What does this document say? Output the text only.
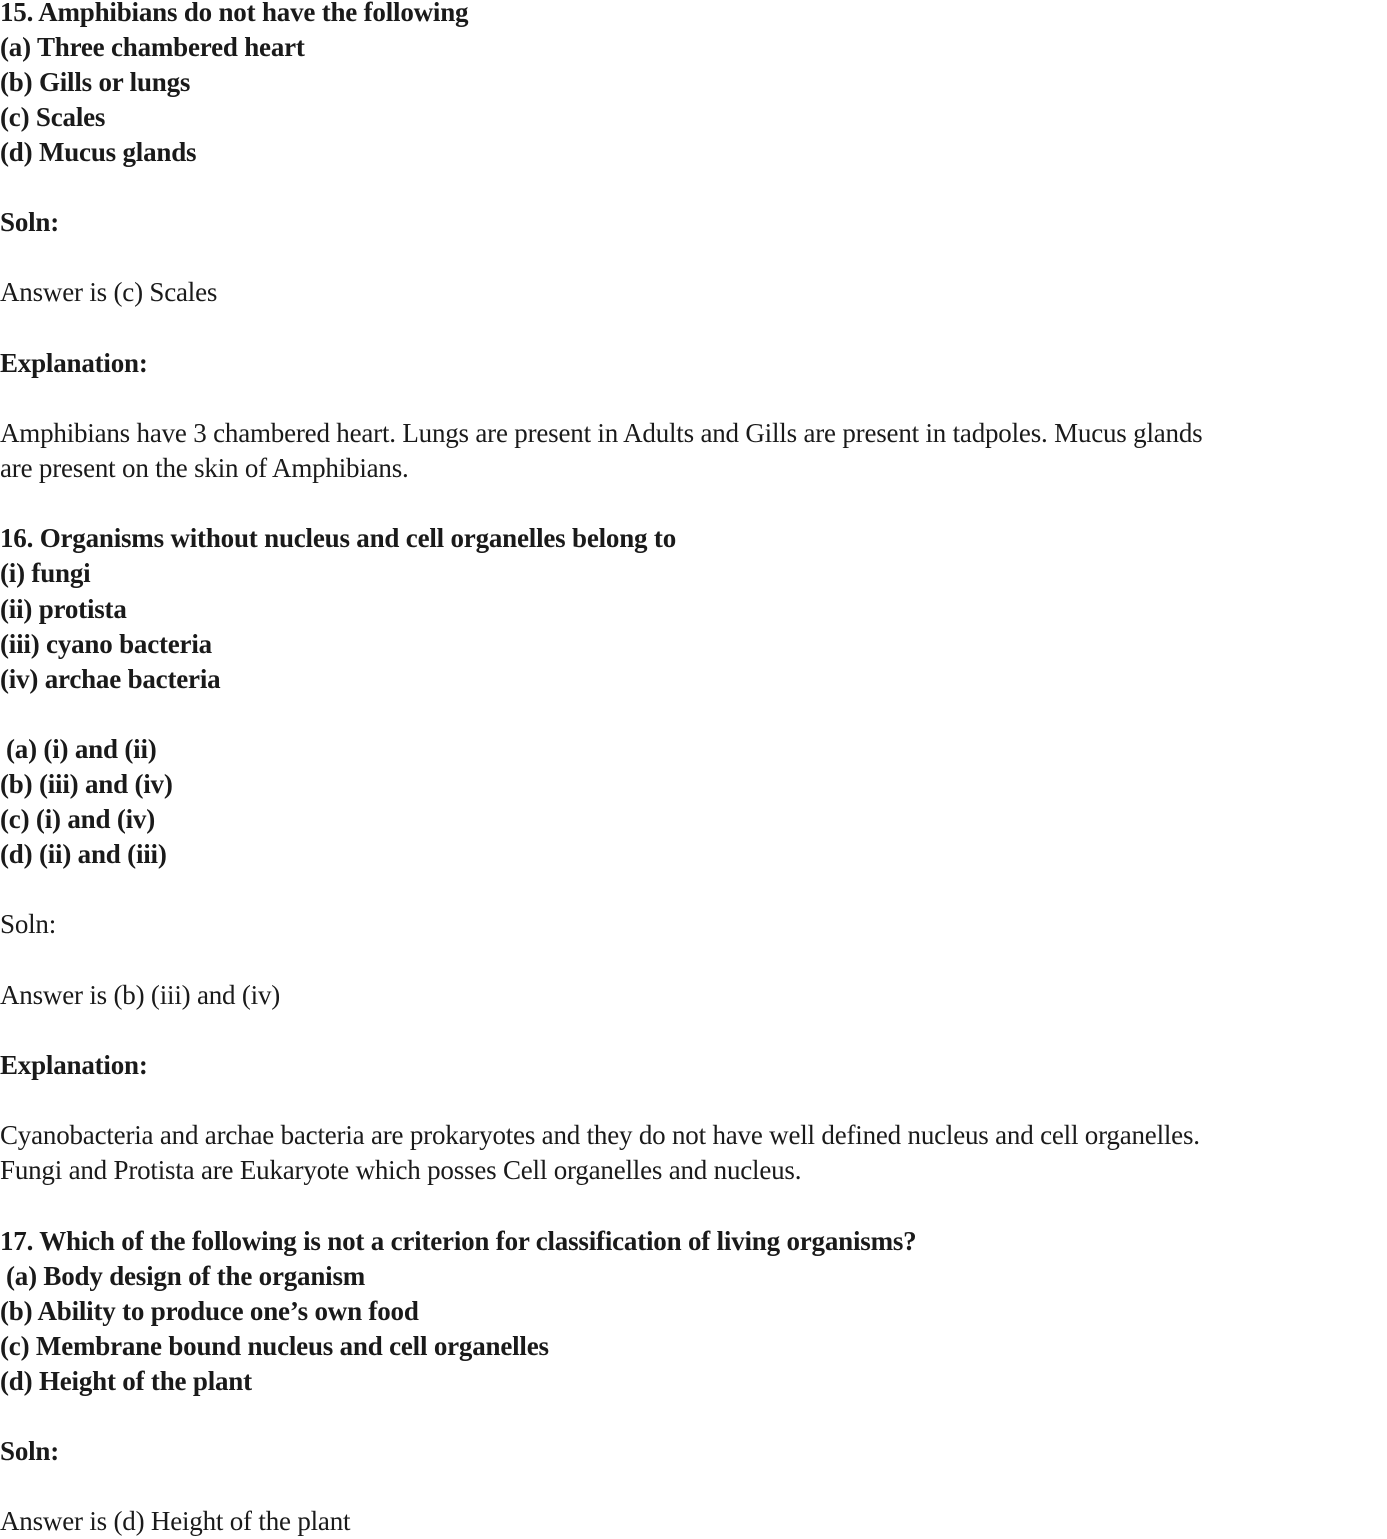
15. Amphibians do not have the following
(a) Three chambered heart
(b) Gills or lungs
(c) Scales
(d) Mucus glands
Soln:
Answer is (c) Scales
Explanation:
Amphibians have 3 chambered heart. Lungs are present in Adults and Gills are present in tadpoles. Mucus glands
are present on the skin of Amphibians.
16. Organisms without nucleus and cell organelles belong to
(i) fungi
(ii) protista
(iii) cyano bacteria
(iv) archae bacteria
(a) (i) and (ii)
(b) (iii) and (iv)
(c) (i) and (iv)
(d) (ii) and (iii)
Soln:
Answer is (b) (iii) and (iv)
Explanation:
Cyanobacteria and archae bacteria are prokaryotes and they do not have well defined nucleus and cell organelles.
Fungi and Protista are Eukaryote which posses Cell organelles and nucleus.
17. Which of the following is not a criterion for classification of living organisms?
(a) Body design of the organism
(b) Ability to produce one’s own food
(c) Membrane bound nucleus and cell organelles
(d) Height of the plant
Soln:
Answer is (d) Height of the plant
